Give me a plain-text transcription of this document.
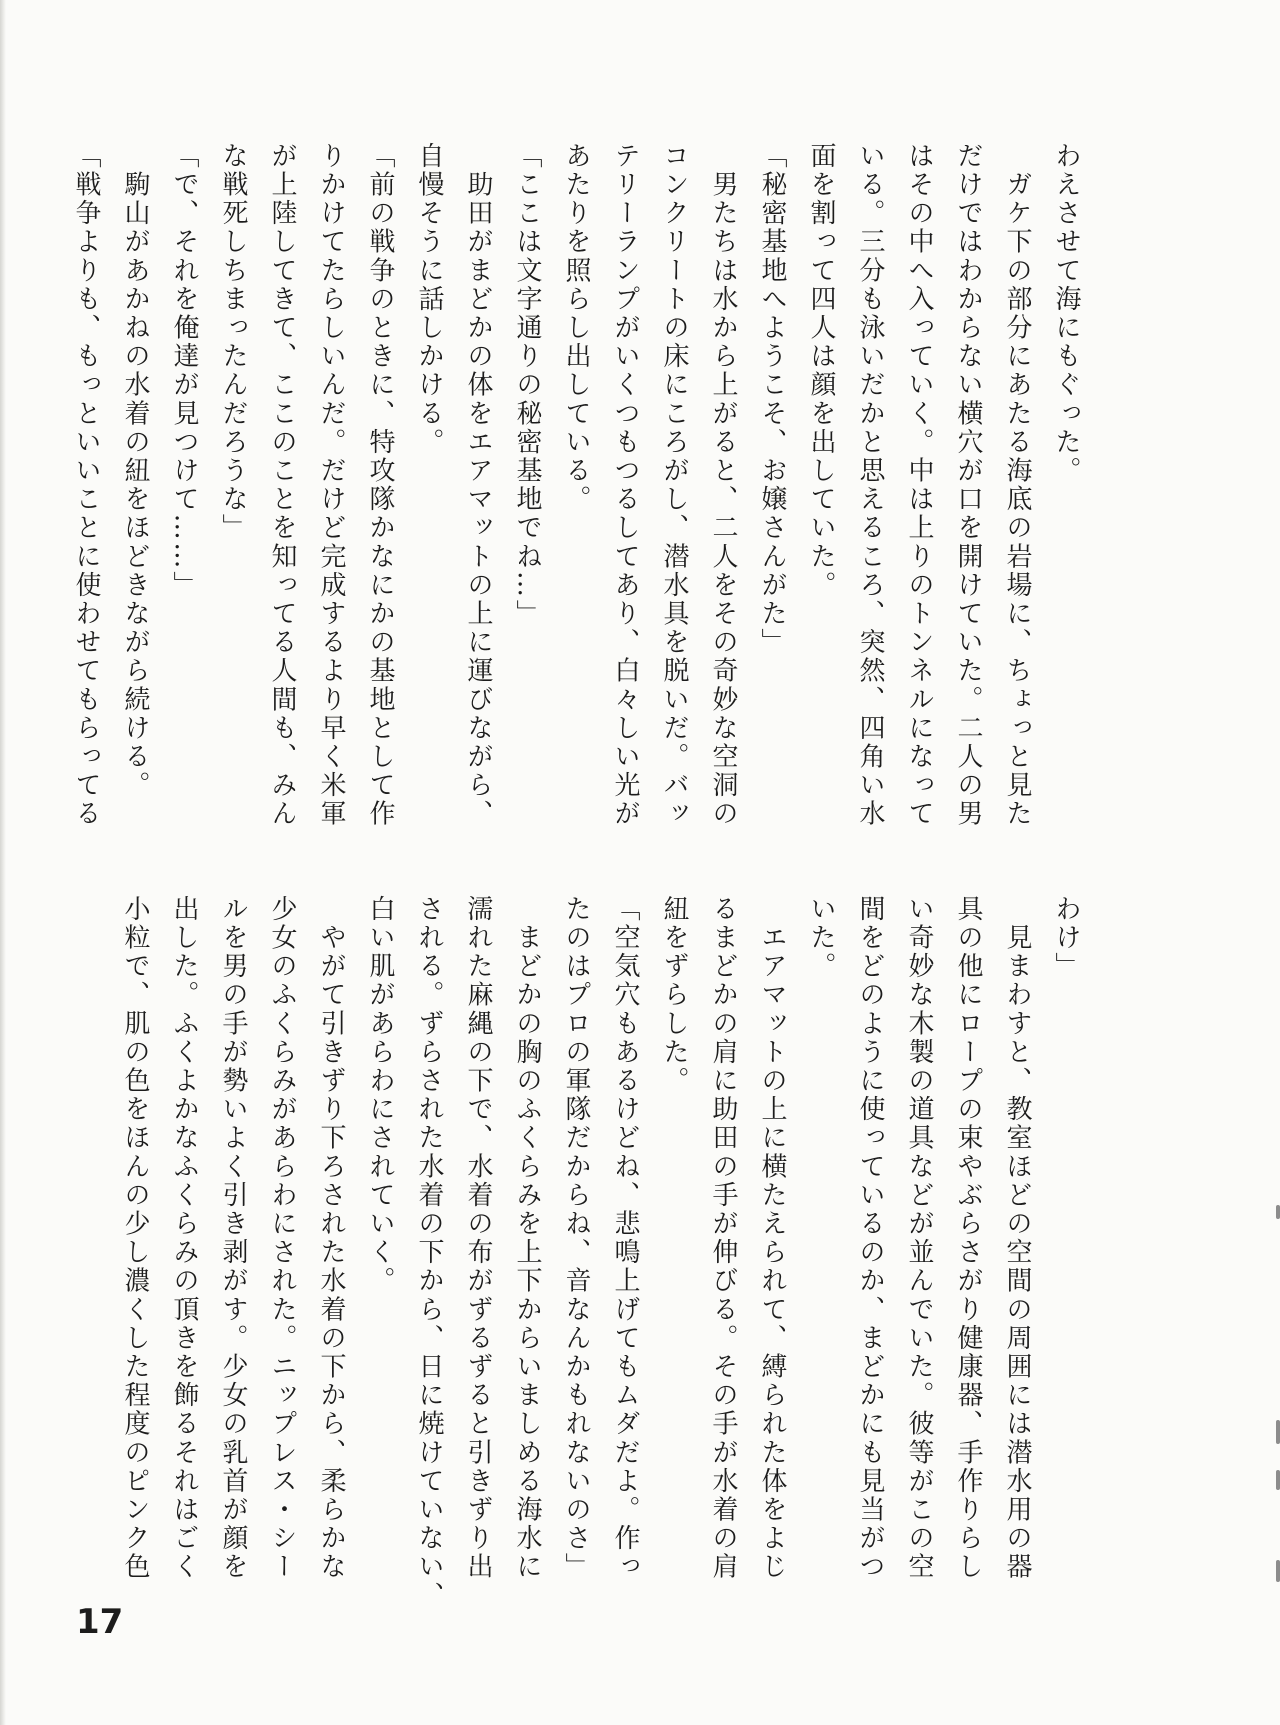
わえさせて海にもぐった。
　ガケ下の部分にあたる海底の岩場に、ちょっと見た
だけではわからない横穴が口を開けていた。二人の男
はその中へ入っていく。中は上りのトンネルになって
いる。三分も泳いだかと思えるころ、突然、四角い水
面を割って四人は顔を出していた。
「秘密基地へようこそ、お嬢さんがた」
　男たちは水から上がると、二人をその奇妙な空洞の
コンクリートの床にころがし、潜水具を脱いだ。バッ
テリーランプがいくつもつるしてあり、白々しい光が
あたりを照らし出している。
「ここは文字通りの秘密基地でね…」
　助田がまどかの体をエアマットの上に運びながら、
自慢そうに話しかける。
「前の戦争のときに、特攻隊かなにかの基地として作
りかけてたらしいんだ。だけど完成するより早く米軍
が上陸してきて、ここのことを知ってる人間も、みん
な戦死しちまったんだろうな」
「で、それを俺達が見つけて……」
　駒山があかねの水着の紐をほどきながら続ける。
「戦争よりも、もっといいことに使わせてもらってる
わけ」
　見まわすと、教室ほどの空間の周囲には潜水用の器
具の他にロープの束やぶらさがり健康器、手作りらし
い奇妙な木製の道具などが並んでいた。彼等がこの空
間をどのように使っているのか、まどかにも見当がつ
いた。
　エアマットの上に横たえられて、縛られた体をよじ
るまどかの肩に助田の手が伸びる。その手が水着の肩
紐をずらした。
「空気穴もあるけどね、悲鳴上げてもムダだよ。作っ
たのはプロの軍隊だからね、音なんかもれないのさ」
　まどかの胸のふくらみを上下からいましめる海水に
濡れた麻縄の下で、水着の布がずるずると引きずり出
される。ずらされた水着の下から、日に焼けていない、
白い肌があらわにされていく。
　やがて引きずり下ろされた水着の下から、柔らかな
少女のふくらみがあらわにされた。ニップレス・シー
ルを男の手が勢いよく引き剥がす。少女の乳首が顔を
出した。ふくよかなふくらみの頂きを飾るそれはごく
小粒で、肌の色をほんの少し濃くした程度のピンク色
17
